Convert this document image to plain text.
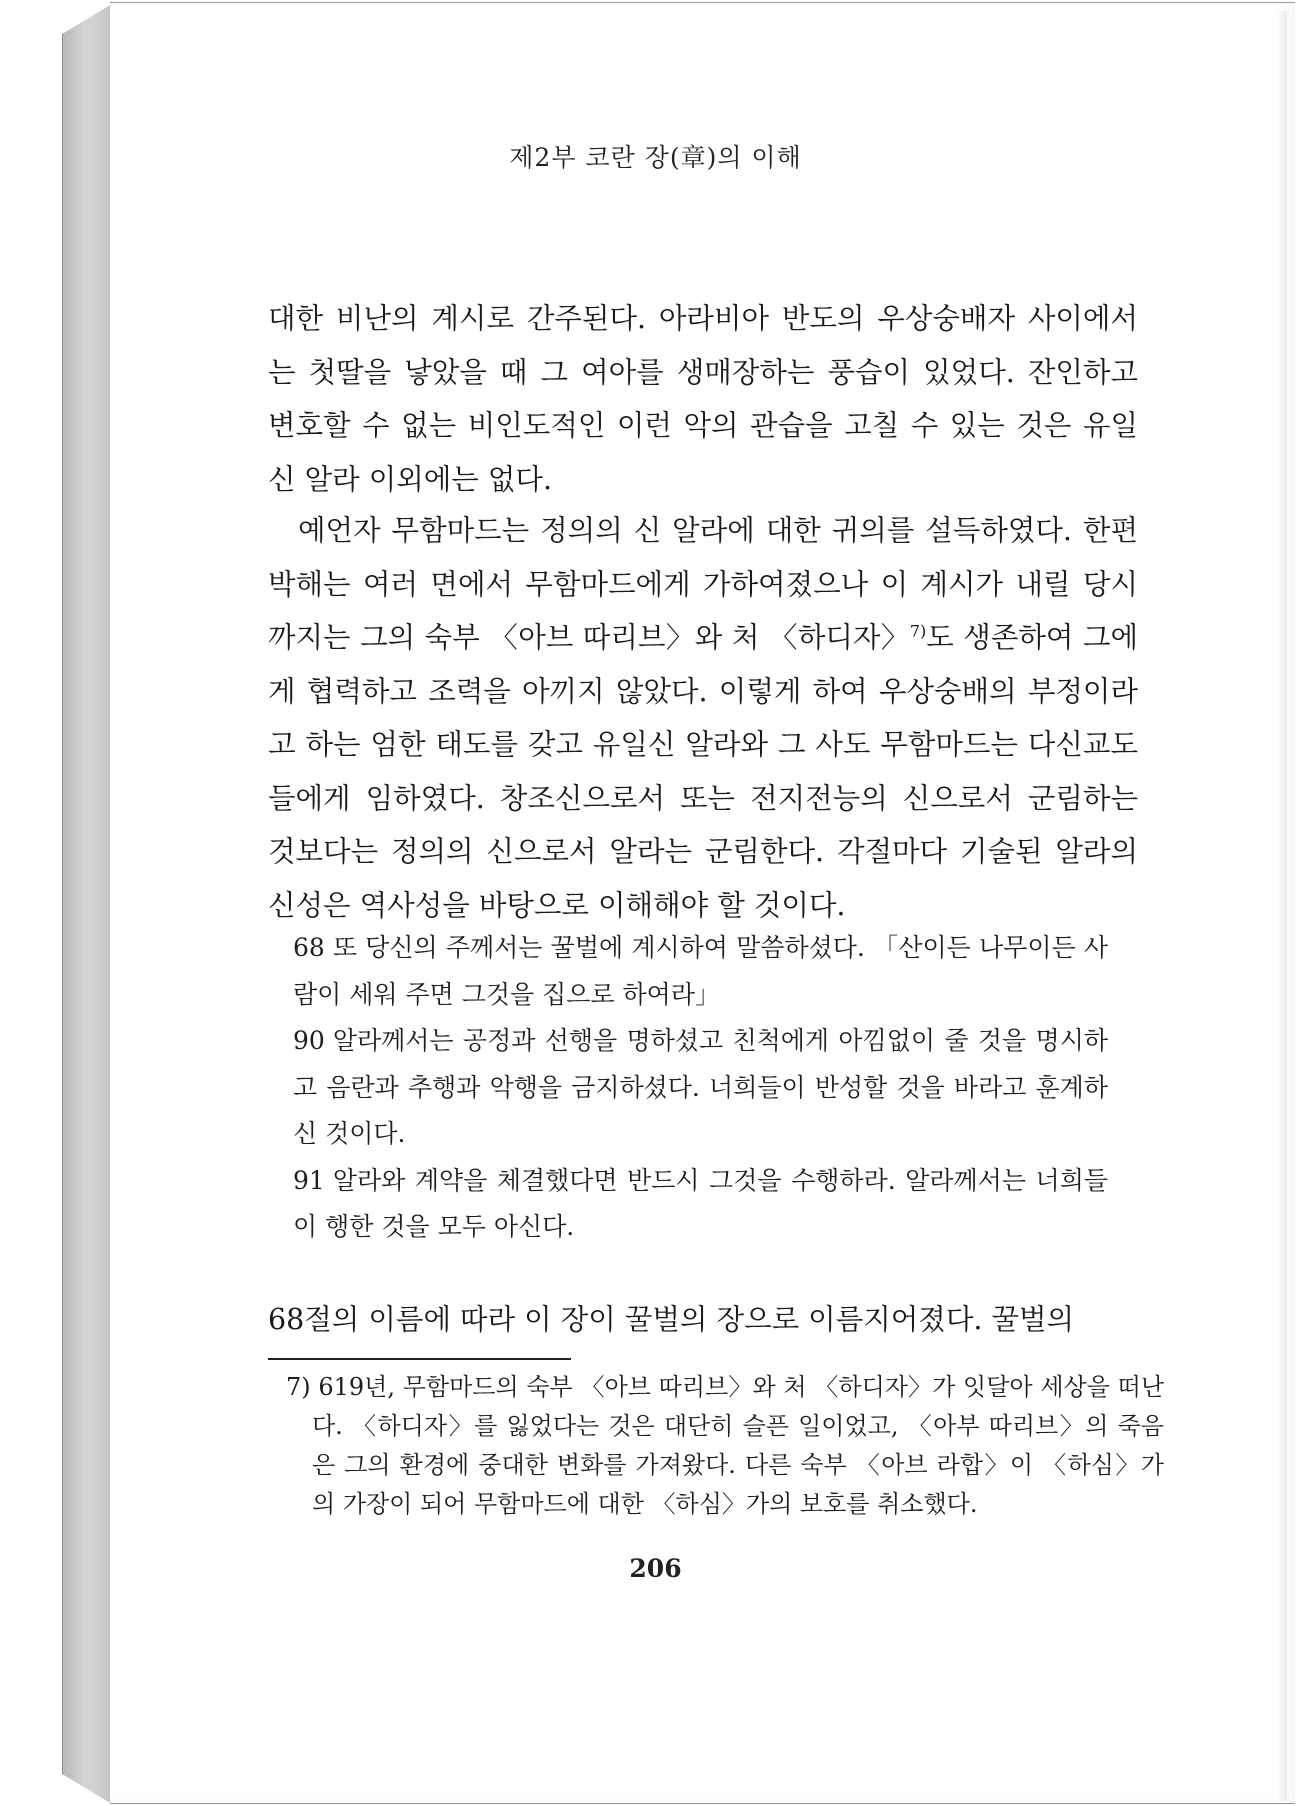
제2부 코란 장(章)의 이해

대한 비난의 계시로 간주된다. 아라비아 반도의 우상숭배자 사이에서는 첫딸을 낳았을 때 그 여아를 생매장하는 풍습이 있었다. 잔인하고 변호할 수 없는 비인도적인 이런 악의 관습을 고칠 수 있는 것은 유일신 알라 이외에는 없다.

예언자 무함마드는 정의의 신 알라에 대한 귀의를 설득하였다. 한편 박해는 여러 면에서 무함마드에게 가하여졌으나 이 계시가 내릴 당시까지는 그의 숙부 〈아브 따리브〉와 처 〈하디자〉$^{7)}$도 생존하여 그에게 협력하고 조력을 아끼지 않았다. 이렇게 하여 우상숭배의 부정이라고 하는 엄한 태도를 갖고 유일신 알라와 그 사도 무함마드는 다신교도들에게 임하였다. 창조신으로서 또는 전지전능의 신으로서 군림하는 것보다는 정의의 신으로서 알라는 군림한다. 각절마다 기술된 알라의 신성은 역사성을 바탕으로 이해해야 할 것이다.

68 또 당신의 주께서는 꿀벌에 계시하여 말씀하셨다. 「산이든 나무이든 사람이 세워 주면 그것을 집으로 하여라」

90 알라께서는 공정과 선행을 명하셨고 친척에게 아낌없이 줄 것을 명시하고 음란과 추행과 악행을 금지하셨다. 너희들이 반성할 것을 바라고 훈계하신 것이다.

91 알라와 계약을 체결했다면 반드시 그것을 수행하라. 알라께서는 너희들이 행한 것을 모두 아신다.

68절의 이름에 따라 이 장이 꿀벌의 장으로 이름지어졌다. 꿀벌의

7) 619년, 무함마드의 숙부 〈아브 따리브〉와 처 〈하디자〉가 잇달아 세상을 떠난다. 〈하디자〉를 잃었다는 것은 대단히 슬픈 일이었고, 〈아부 따리브〉의 죽음은 그의 환경에 중대한 변화를 가져왔다. 다른 숙부 〈아브 라합〉이 〈하심〉가의 가장이 되어 무함마드에 대한 〈하심〉가의 보호를 취소했다.

206
